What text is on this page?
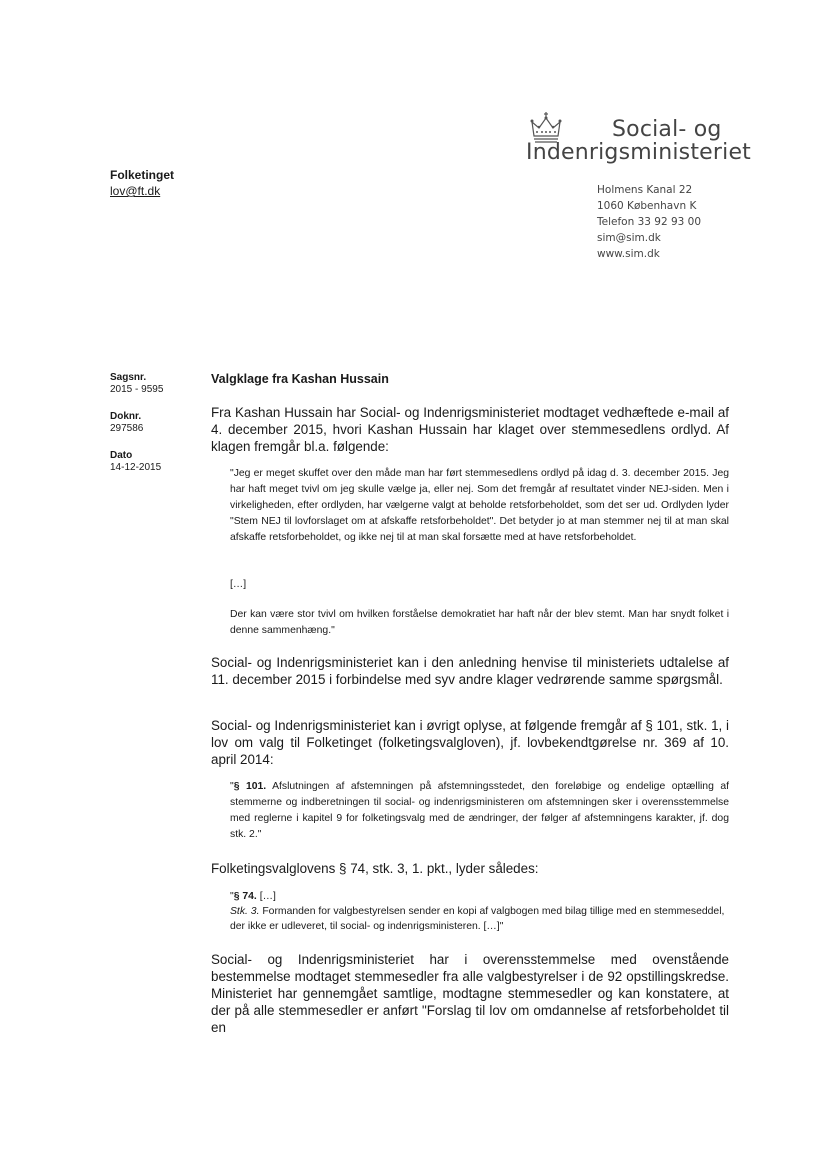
Social- og
Indenrigsministeriet
Folketinget
lov@ft.dk	Holmens Kanal 22
1060 København K
Telefon 33 92 93 00
sim@sim.dk
www.sim.dk
Sagsnr.
2015 - 9595
Doknr.
297586
Dato
14-12-2015
Valgklage fra Kashan Hussain
Fra Kashan Hussain har Social- og Indenrigsministeriet modtaget vedhæftede e-mail af 4. december 2015, hvori Kashan Hussain har klaget over stemmesedlens ordlyd. Af klagen fremgår bl.a. følgende:
"Jeg er meget skuffet over den måde man har ført stemmesedlens ordlyd på idag d. 3. december 2015. Jeg har haft meget tvivl om jeg skulle vælge ja, eller nej. Som det fremgår af resultatet vinder NEJ-siden. Men i virkeligheden, efter ordlyden, har vælgerne valgt at beholde retsforbeholdet, som det ser ud. Ordlyden lyder "Stem NEJ til lovforslaget om at afskaffe retsforbeholdet". Det betyder jo at man stemmer nej til at man skal afskaffe retsforbeholdet, og ikke nej til at man skal forsætte med at have retsforbeholdet.
[…]
Der kan være stor tvivl om hvilken forståelse demokratiet har haft når der blev stemt. Man har snydt folket i denne sammenhæng."
Social- og Indenrigsministeriet kan i den anledning henvise til ministeriets udtalelse af 11. december 2015 i forbindelse med syv andre klager vedrørende samme spørgsmål.
Social- og Indenrigsministeriet kan i øvrigt oplyse, at følgende fremgår af § 101, stk. 1, i lov om valg til Folketinget (folketingsvalgloven), jf. lovbekendtgørelse nr. 369 af 10. april 2014:
"§ 101. Afslutningen af afstemningen på afstemningsstedet, den foreløbige og endelige optælling af stemmerne og indberetningen til social- og indenrigsministeren om afstemningen sker i overensstemmelse med reglerne i kapitel 9 for folketingsvalg med de ændringer, der følger af afstemningens karakter, jf. dog stk. 2."
Folketingsvalglovens § 74, stk. 3, 1. pkt., lyder således:
"§ 74. […]
Stk. 3. Formanden for valgbestyrelsen sender en kopi af valgbogen med bilag tillige med en stemmeseddel, der ikke er udleveret, til social- og indenrigsministeren. […]"
Social- og Indenrigsministeriet har i overensstemmelse med ovenstående bestemmelse modtaget stemmesedler fra alle valgbestyrelser i de 92 opstillingskredse. Ministeriet har gennemgået samtlige, modtagne stemmesedler og kan konstatere, at der på alle stemmesedler er anført "Forslag til lov om omdannelse af retsforbeholdet til en
